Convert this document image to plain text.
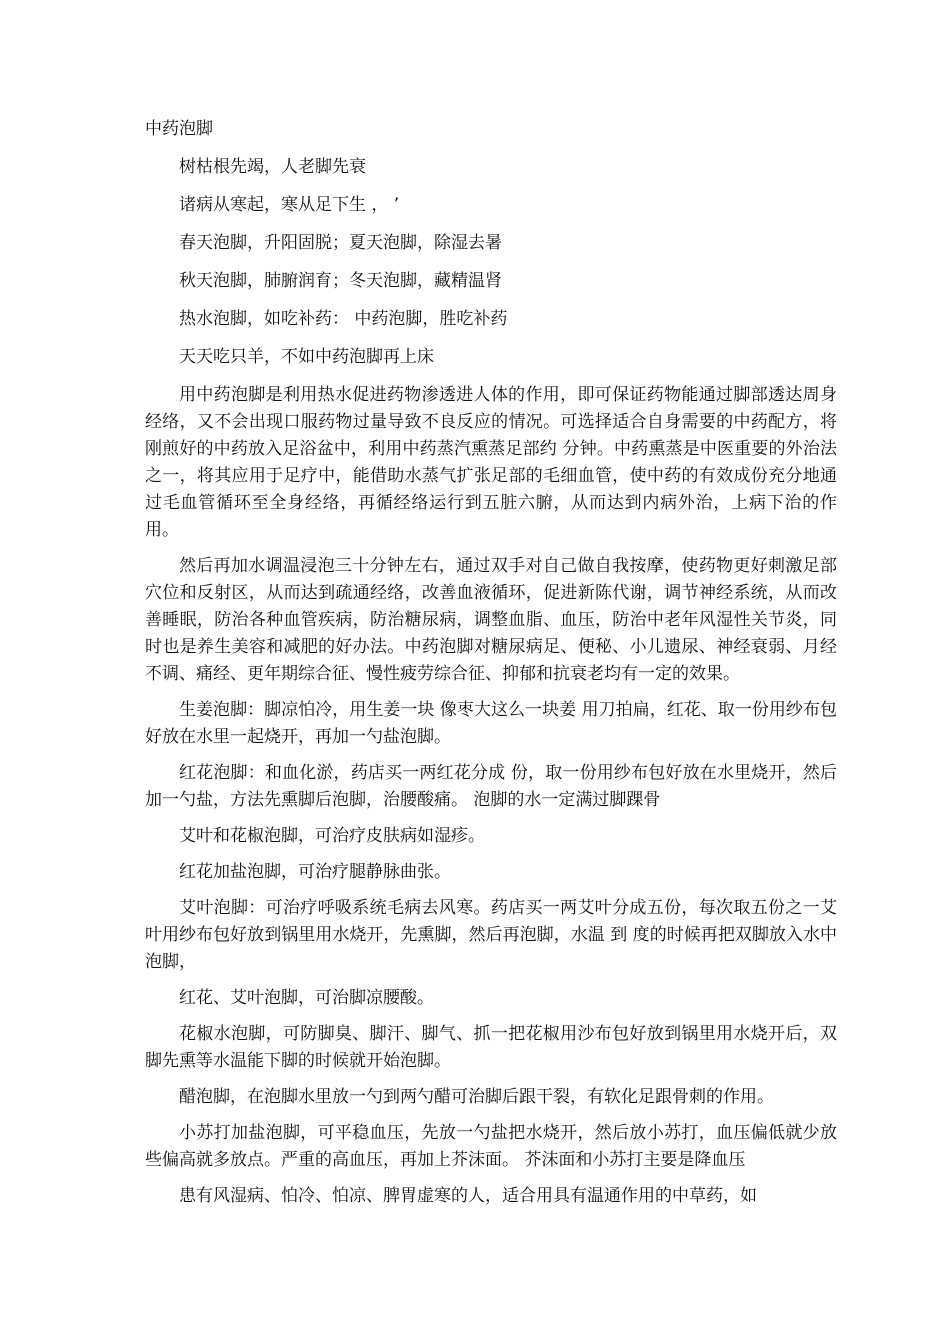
中药泡脚
树枯根先竭，人老脚先衰
诸病从寒起，寒从足下生 ， ’
春天泡脚，升阳固脱；夏天泡脚，除湿去暑
秋天泡脚，肺腑润育；冬天泡脚，藏精温肾
热水泡脚，如吃补药： 中药泡脚，胜吃补药
天天吃只羊，不如中药泡脚再上床

用中药泡脚是利用热水促进药物渗透进人体的作用，即可保证药物能通过脚部透达周身经络，又不会出现口服药物过量导致不良反应的情况。可选择适合自身需要的中药配方，将刚煎好的中药放入足浴盆中，利用中药蒸汽熏蒸足部约 分钟。中药熏蒸是中医重要的外治法之一，将其应用于足疗中，能借助水蒸气扩张足部的毛细血管，使中药的有效成份充分地通过毛血管循环至全身经络，再循经络运行到五脏六腑，从而达到内病外治，上病下治的作用。

然后再加水调温浸泡三十分钟左右，通过双手对自己做自我按摩，使药物更好刺激足部穴位和反射区，从而达到疏通经络，改善血液循环，促进新陈代谢，调节神经系统，从而改善睡眠，防治各种血管疾病，防治糖尿病，调整血脂、血压，防治中老年风湿性关节炎，同时也是养生美容和减肥的好办法。中药泡脚对糖尿病足、便秘、小儿遗尿、神经衰弱、月经不调、痛经、更年期综合征、慢性疲劳综合征、抑郁和抗衰老均有一定的效果。

生姜泡脚：脚凉怕冷，用生姜一块 像枣大这么一块姜 用刀拍扁，红花、取一份用纱布包好放在水里一起烧开，再加一勺盐泡脚。

红花泡脚：和血化淤，药店买一两红花分成 份，取一份用纱布包好放在水里烧开，然后加一勺盐，方法先熏脚后泡脚，治腰酸痛。 泡脚的水一定满过脚踝骨

艾叶和花椒泡脚，可治疗皮肤病如湿疹。

红花加盐泡脚，可治疗腿静脉曲张。

艾叶泡脚：可治疗呼吸系统毛病去风寒。药店买一两艾叶分成五份，每次取五份之一艾叶用纱布包好放到锅里用水烧开，先熏脚，然后再泡脚，水温 到 度的时候再把双脚放入水中泡脚，

红花、艾叶泡脚，可治脚凉腰酸。

花椒水泡脚，可防脚臭、脚汗、脚气、抓一把花椒用沙布包好放到锅里用水烧开后，双脚先熏等水温能下脚的时候就开始泡脚。

醋泡脚，在泡脚水里放一勺到两勺醋可治脚后跟干裂，有软化足跟骨刺的作用。

小苏打加盐泡脚，可平稳血压，先放一勺盐把水烧开，然后放小苏打，血压偏低就少放些偏高就多放点。严重的高血压，再加上芥沫面。 芥沫面和小苏打主要是降血压

患有风湿病、怕冷、怕凉、脾胃虚寒的人，适合用具有温通作用的中草药，如
